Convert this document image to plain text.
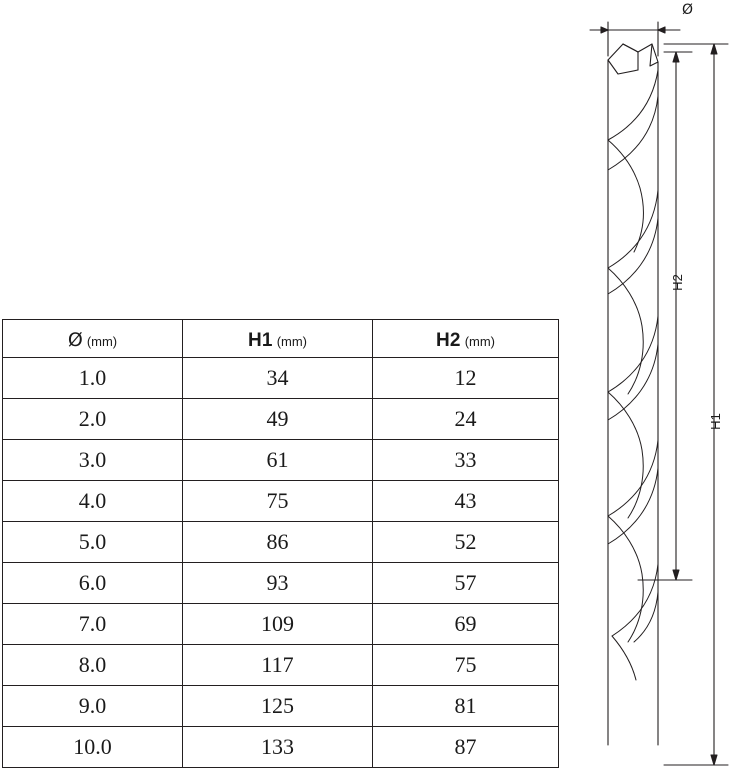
Ø (mm)	H1 (mm)	H2 (mm)
1.0	34	12
2.0	49	24
3.0	61	33
4.0	75	43
5.0	86	52
6.0	93	57
7.0	109	69
8.0	117	75
9.0	125	81
10.0	133	87
H2
H1
Ø
